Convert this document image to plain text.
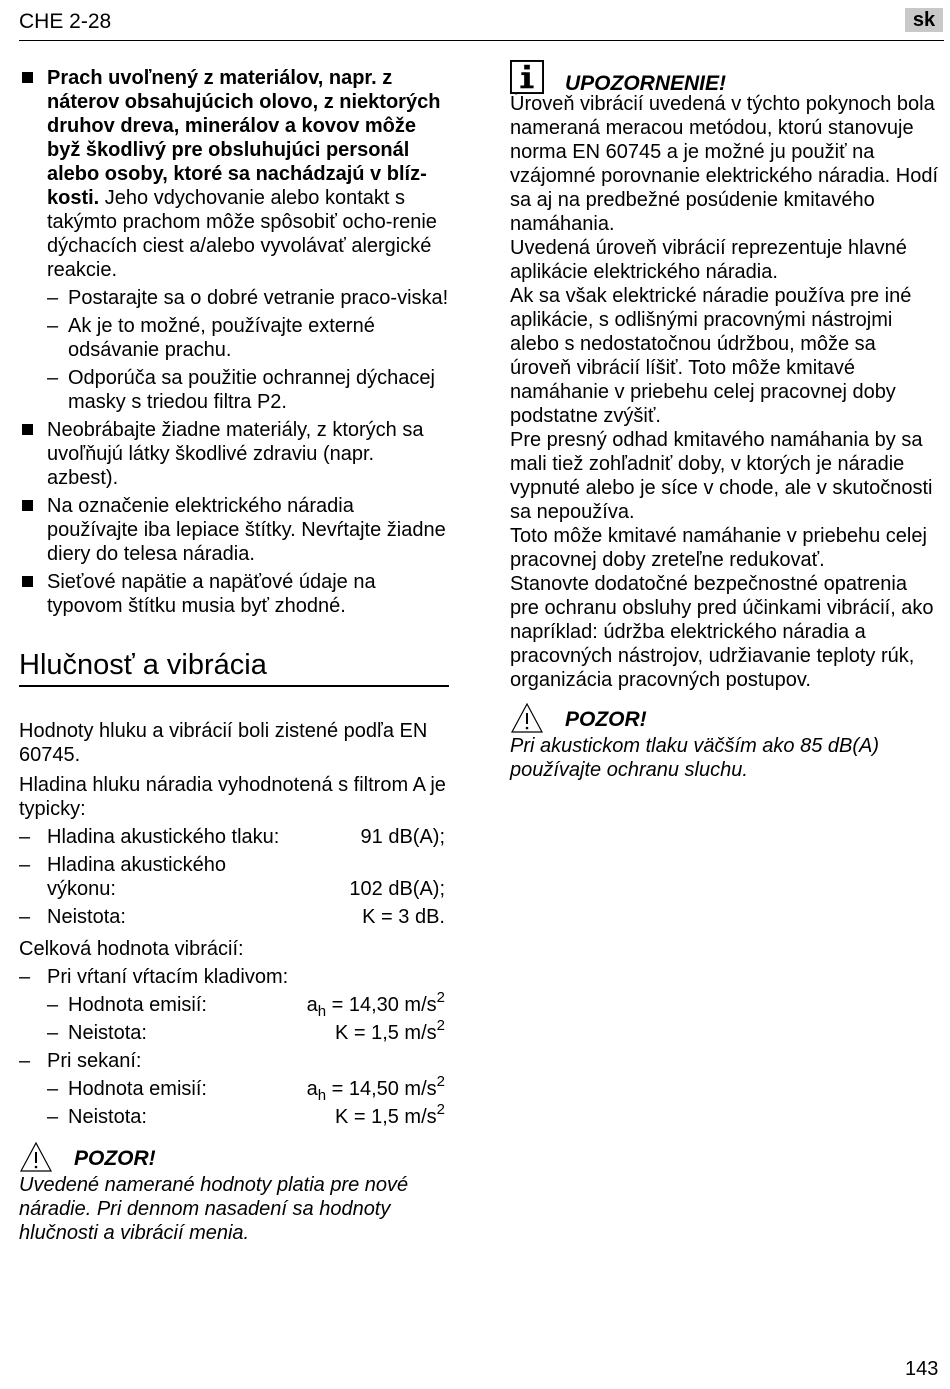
CHE 2-28	sk
Prach uvoľnený z materiálov, napr. z náterov obsahujúcich olovo, z niektorých druhov dreva, minerálov a kovov môže byž škodlivý pre obsluhujúci personál alebo osoby, ktoré sa nachádzajú v blíz-kosti. Jeho vdychovanie alebo kontakt s takýmto prachom môže spôsobiť ocho-renie dýchacích ciest a/alebo vyvolávať alergické reakcie.
– Postarajte sa o dobré vetranie praco-viska!
– Ak je to možné, používajte externé odsávanie prachu.
– Odporúča sa použitie ochrannej dýchacej masky s triedou filtra P2.
Neobrábajte žiadne materiály, z ktorých sa uvoľňujú látky škodlivé zdraviu (napr. azbest).
Na označenie elektrického náradia používajte iba lepiace štítky. Nevŕtajte žiadne diery do telesa náradia.
Sieťové napätie a napäťové údaje na typovom štítku musia byť zhodné.
Hlučnosť a vibrácia
Hodnoty hluku a vibrácií boli zistené podľa EN 60745.
Hladina hluku náradia vyhodnotená s filtrom A je typicky:
– Hladina akustického tlaku:	91 dB(A);
– Hladina akustického výkonu:	102 dB(A);
– Neistota:	K = 3 dB.
Celková hodnota vibrácií:
– Pri vŕtaní vŕtacím kladivom:
– Hodnota emisií:	$a_h = 14,30$ $m/s^2$
– Neistota:	K = 1,5 $m/s^2$
– Pri sekaní:
– Hodnota emisií:	$a_h = 14,50$ $m/s^2$
– Neistota:	K = 1,5 $m/s^2$
POZOR!
Uvedené namerané hodnoty platia pre nové náradie. Pri dennom nasadení sa hodnoty hlučnosti a vibrácií menia.
UPOZORNENIE!
Úroveň vibrácií uvedená v týchto pokynoch bola nameraná meracou metódou, ktorú stanovuje norma EN 60745 a je možné ju použiť na vzájomné porovnanie elektrického náradia. Hodí sa aj na predbežné posúdenie kmitavého namáhania.
Uvedená úroveň vibrácií reprezentuje hlavné aplikácie elektrického náradia.
Ak sa však elektrické náradie používa pre iné aplikácie, s odlišnými pracovnými nástrojmi alebo s nedostatočnou údržbou, môže sa úroveň vibrácií líšiť. Toto môže kmitavé namáhanie v priebehu celej pracovnej doby podstatne zvýšiť.
Pre presný odhad kmitavého namáhania by sa mali tiež zohľadniť doby, v ktorých je náradie vypnuté alebo je síce v chode, ale v skutočnosti sa nepoužíva.
Toto môže kmitavé namáhanie v priebehu celej pracovnej doby zreteľne redukovať.
Stanovte dodatočné bezpečnostné opatrenia pre ochranu obsluhy pred účinkami vibrácií, ako napríklad: údržba elektrického náradia a pracovných nástrojov, udržiavanie teploty rúk, organizácia pracovných postupov.
POZOR!
Pri akustickom tlaku väčším ako 85 dB(A) používajte ochranu sluchu.
143
